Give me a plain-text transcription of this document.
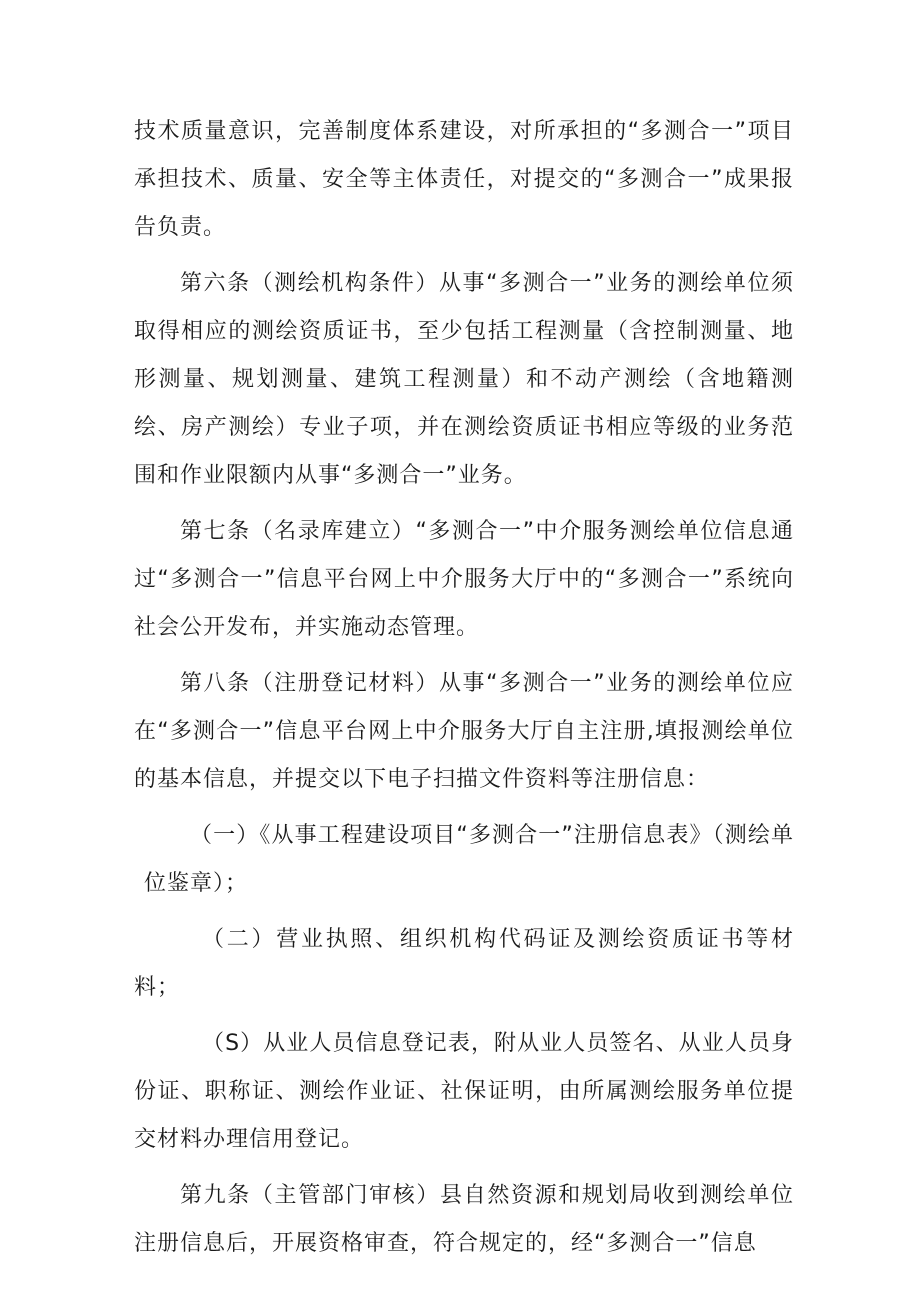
技术质量意识，完善制度体系建设，对所承担的“多测合一”项目承担技术、质量、安全等主体责任，对提交的“多测合一”成果报告负责。

第六条（测绘机构条件）从事“多测合一”业务的测绘单位须取得相应的测绘资质证书，至少包括工程测量（含控制测量、地形测量、规划测量、建筑工程测量）和不动产测绘（含地籍测绘、房产测绘）专业子项，并在测绘资质证书相应等级的业务范围和作业限额内从事“多测合一”业务。

第七条（名录库建立）“多测合一”中介服务测绘单位信息通过“多测合一”信息平台网上中介服务大厅中的“多测合一”系统向社会公开发布，并实施动态管理。

第八条（注册登记材料）从事“多测合一”业务的测绘单位应在“多测合一”信息平台网上中介服务大厅自主注册,填报测绘单位的基本信息，并提交以下电子扫描文件资料等注册信息：

（一）《从事工程建设项目“多测合一”注册信息表》（测绘单位鉴章）；

（二）营业执照、组织机构代码证及测绘资质证书等材料；

（S）从业人员信息登记表，附从业人员签名、从业人员身份证、职称证、测绘作业证、社保证明，由所属测绘服务单位提交材料办理信用登记。

第九条（主管部门审核）县自然资源和规划局收到测绘单位注册信息后，开展资格审查，符合规定的，经“多测合一”信息
